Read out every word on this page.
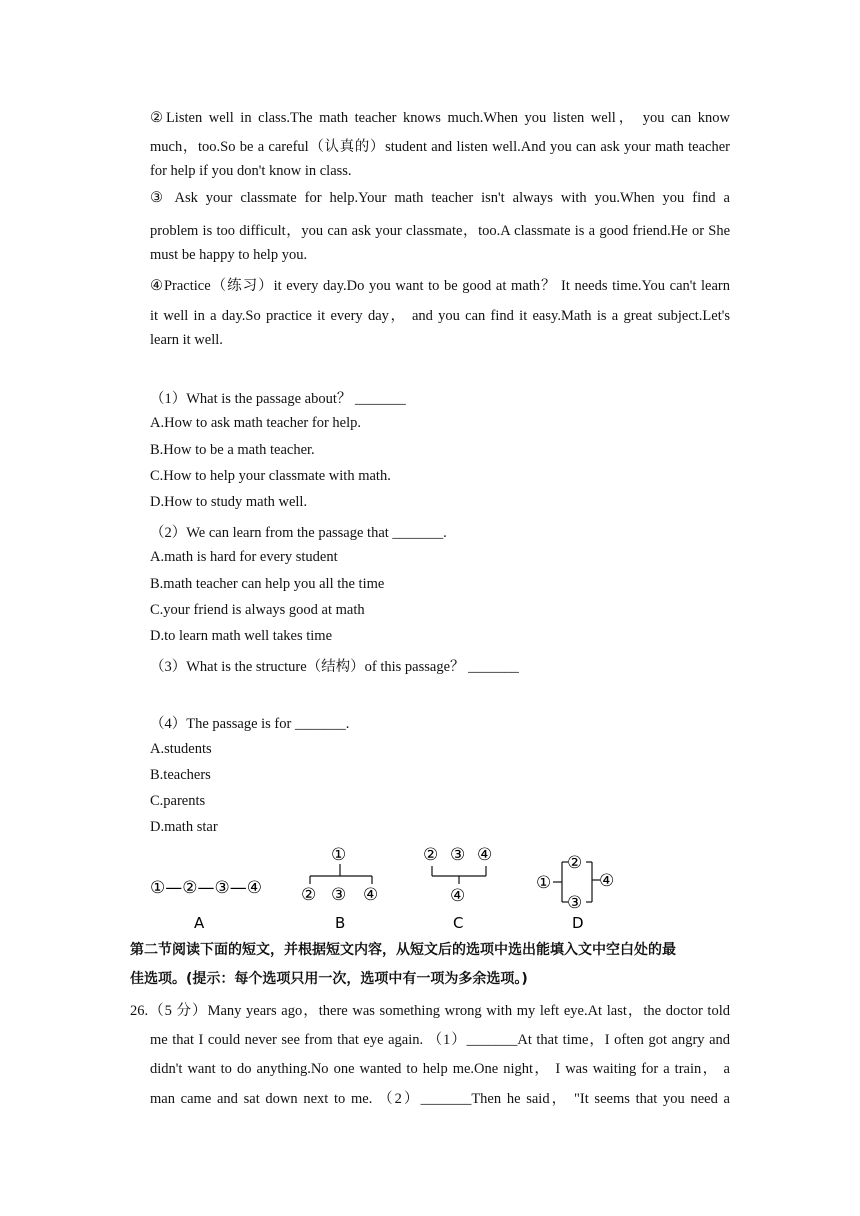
②Listen well in class.The math teacher knows much.When you listen well， you can know
much，too.So be a careful（认真的）student and listen well.And you can ask your math teacher
for help if you don't know in class.
③ Ask your classmate for help.Your math teacher isn't always with you.When you find a
problem is too difficult，you can ask your classmate，too.A classmate is a good friend.He or She
must be happy to help you.
④Practice（练习）it every day.Do you want to be good at math？ It needs time.You can't learn
it well in a day.So practice it every day， and you can find it easy.Math is a great subject.Let's
learn it well.
（1）What is the passage about？ _______
A.How to ask math teacher for help.
B.How to be a math teacher.
C.How to help your classmate with math.
D.How to study math well.
（2）We can learn from the passage that _______.
A.math is hard for every student
B.math teacher can help you all the time
C.your friend is always good at math
D.to learn math well takes time
（3）What is the structure（结构）of this passage？ _______
（4）The passage is for _______.
A.students
B.teachers
C.parents
D.math star
①—②—③—④
A
①
② ③ ④
B
② ③ ④
④
C
①
②
③
④
D
第二节阅读下面的短文，并根据短文内容，从短文后的选项中选出能填入文中空白处的最
佳选项。(提示：每个选项只用一次，选项中有一项为多余选项。)
26.（5 分）Many years ago，there was something wrong with my left eye.At last，the doctor told
me that I could never see from that eye again. （1）_______At that time，I often got angry and
didn't want to do anything.No one wanted to help me.One night， I was waiting for a train， a
man came and sat down next to me. （2）_______Then he said， "It seems that you need a
